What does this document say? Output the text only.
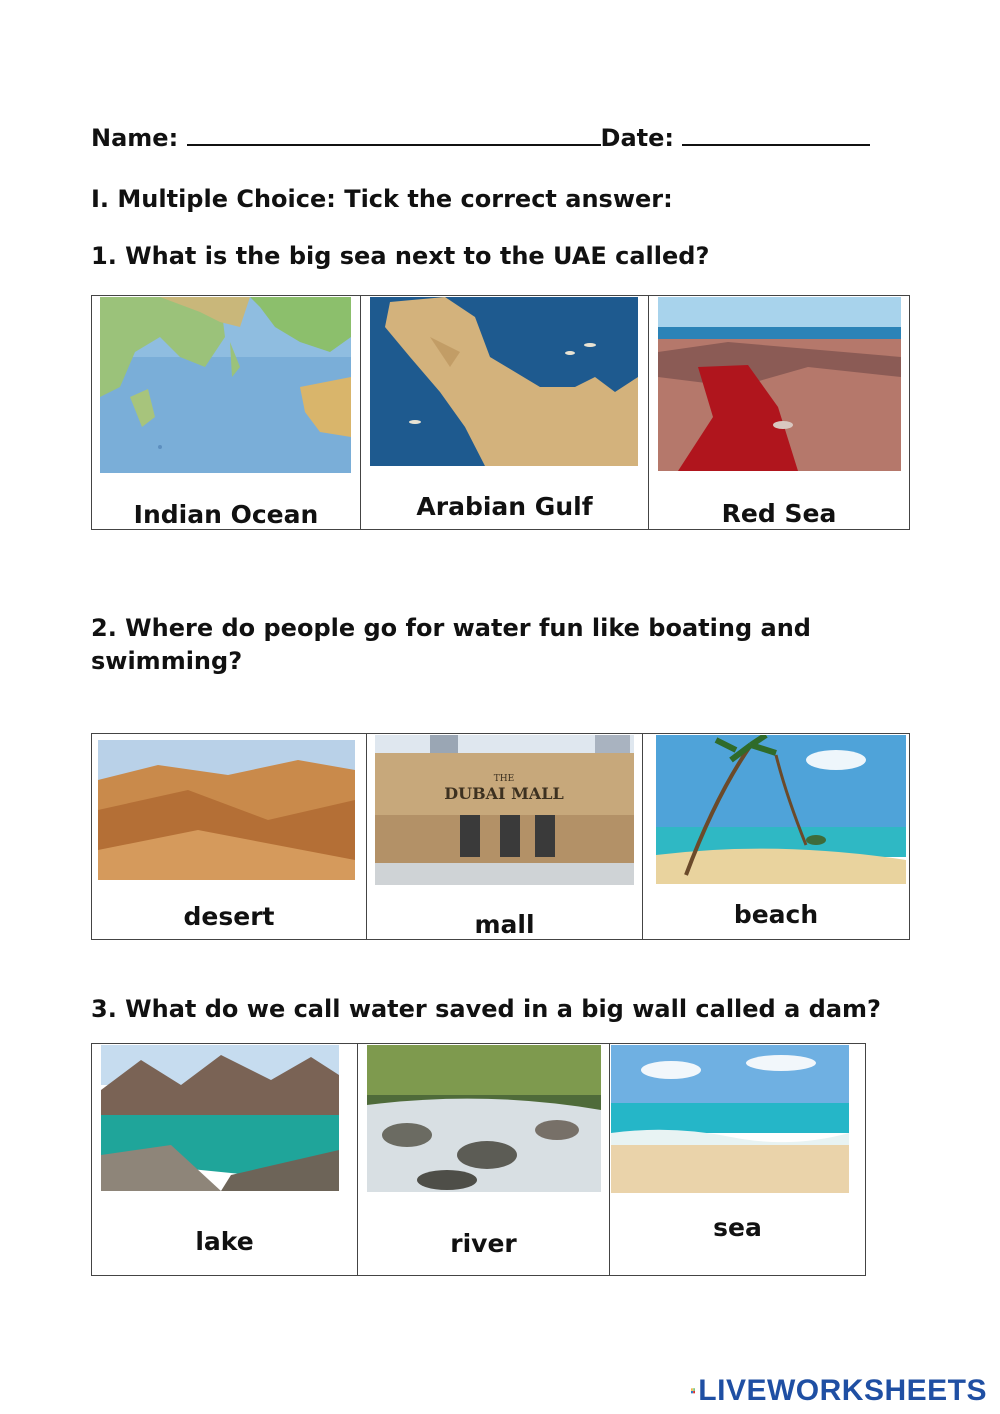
Name:	Date:
I. Multiple Choice: Tick the correct answer:
1. What is the big sea next to the UAE called?
Indian Ocean	Arabian Gulf	Red Sea
2. Where do people go for water fun like boating and
swimming?
desert
THE
DUBAI MALL
mall	beach
3. What do we call water saved in a big wall called a dam?
lake	river
sea
LIVE LIVEWORKSHEETS
